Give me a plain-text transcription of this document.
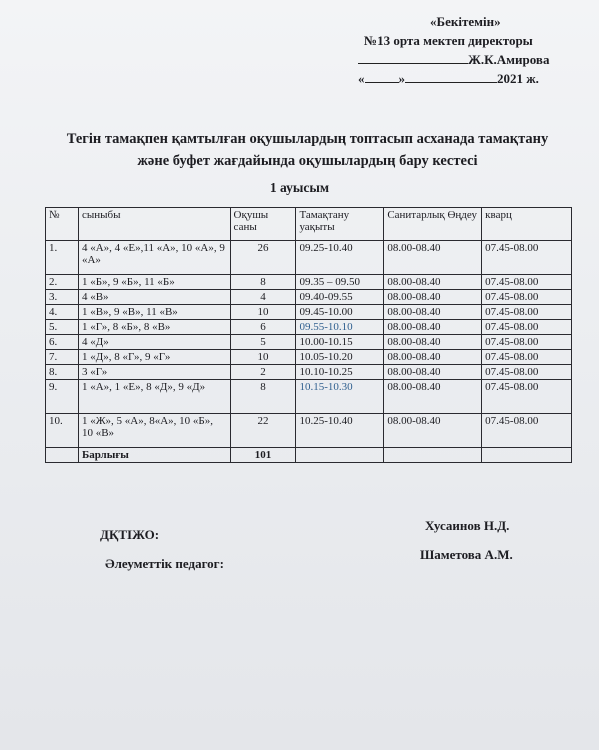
«Бекітемін»
№13 орта мектеп директоры
Ж.К.Амирова
«	»	2021 ж.
Тегін тамақпен қамтылған оқушылардың топтасып асханада тамақтану
және буфет жағдайында оқушылардың бару кестесі
1 ауысым
№	сыныбы	Оқушы саны	Тамақтану уақыты	Санитарлық Өңдеу	кварц
1.	4 «А», 4 «Е»,11 «А», 10 «А», 9 «А»	26	09.25-10.40	08.00-08.40	07.45-08.00
2.	1 «Б», 9 «Б», 11 «Б»	8	09.35 – 09.50	08.00-08.40	07.45-08.00
3.	4 «В»	4	09.40-09.55	08.00-08.40	07.45-08.00
4.	1 «В», 9 «В», 11 «В»	10	09.45-10.00	08.00-08.40	07.45-08.00
5.	1 «Г», 8 «Б», 8 «В»	6	09.55-10.10	08.00-08.40	07.45-08.00
6.	4 «Д»	5	10.00-10.15	08.00-08.40	07.45-08.00
7.	1 «Д», 8 «Г», 9 «Г»	10	10.05-10.20	08.00-08.40	07.45-08.00
8.	3 «Г»	2	10.10-10.25	08.00-08.40	07.45-08.00
9.	1 «А», 1 «Е», 8 «Д», 9 «Д»	8	10.15-10.30	08.00-08.40	07.45-08.00
10.	1 «Ж», 5 «А», 8«А», 10 «Б», 10 «В»	22	10.25-10.40	08.00-08.40	07.45-08.00
	Барлығы	101			
ДҚТІЖО:
Әлеуметтік педагог:
Хусаинов Н.Д.
Шаметова А.М.
